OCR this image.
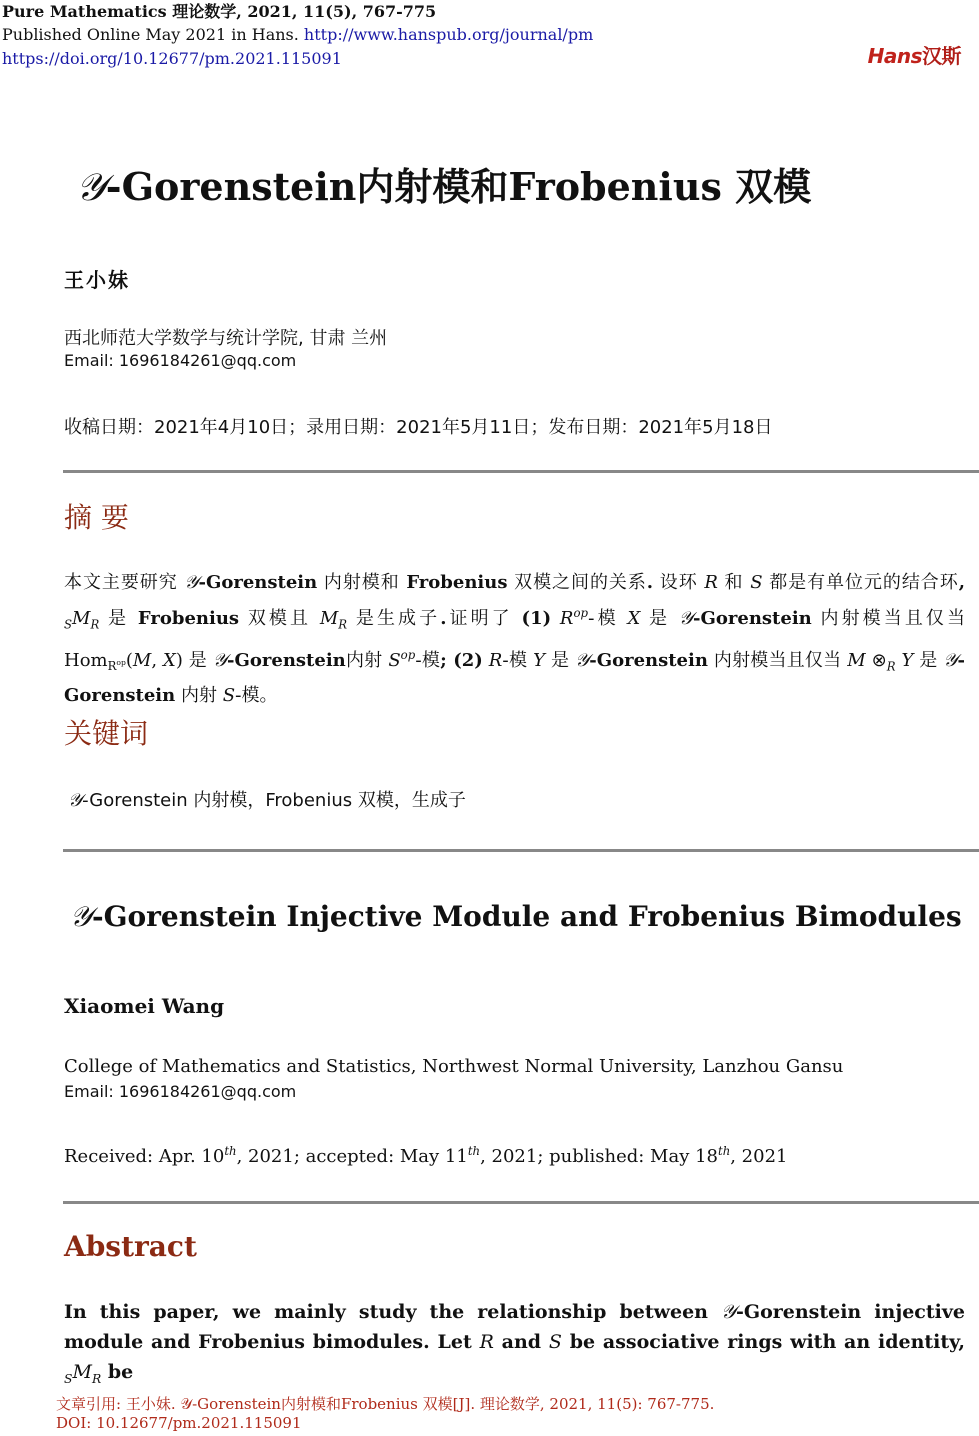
Pure Mathematics 理论数学, 2021, 11(5), 767-775
Published Online May 2021 in Hans. http://www.hanspub.org/journal/pm
https://doi.org/10.12677/pm.2021.115091	Hans汉斯
𝒴-Gorenstein内射模和Frobenius 双模
王小妹
西北师范大学数学与统计学院, 甘肃 兰州
Email: 1696184261@qq.com
收稿日期：2021年4月10日；录用日期：2021年5月11日；发布日期：2021年5月18日
摘 要
本文主要研究 𝒴-Gorenstein 内射模和 Frobenius 双模之间的关系. 设环 R 和 S 都是有单位元的结合环, $_SM_R$ 是 Frobenius 双模且 $M_R$ 是生成子.证明了 (1) $R^{op}-$模 X 是 𝒴-Gorenstein 内射模当且仅当 Hom$_{R^{op}}$(M, X) 是 𝒴-Gorenstein内射 $S^{op}-$模; (2) R-模 Y 是 𝒴-Gorenstein 内射模当且仅当 M $\otimes_R$ Y 是 𝒴-Gorenstein 内射 S-模。
关键词
𝒴-Gorenstein 内射模，Frobenius 双模，生成子
𝒴-Gorenstein Injective Module and Frobenius Bimodules
Xiaomei Wang
College of Mathematics and Statistics, Northwest Normal University, Lanzhou Gansu
Email: 1696184261@qq.com
Received: Apr. 10th, 2021; accepted: May 11th, 2021; published: May 18th, 2021
Abstract
In this paper, we mainly study the relationship between 𝒴-Gorenstein injective module and Frobenius bimodules. Let R and S be associative rings with an identity, $_SM_R$ be
文章引用: 王小妹. 𝒴-Gorenstein内射模和Frobenius 双模[J]. 理论数学, 2021, 11(5): 767-775.
DOI: 10.12677/pm.2021.115091
